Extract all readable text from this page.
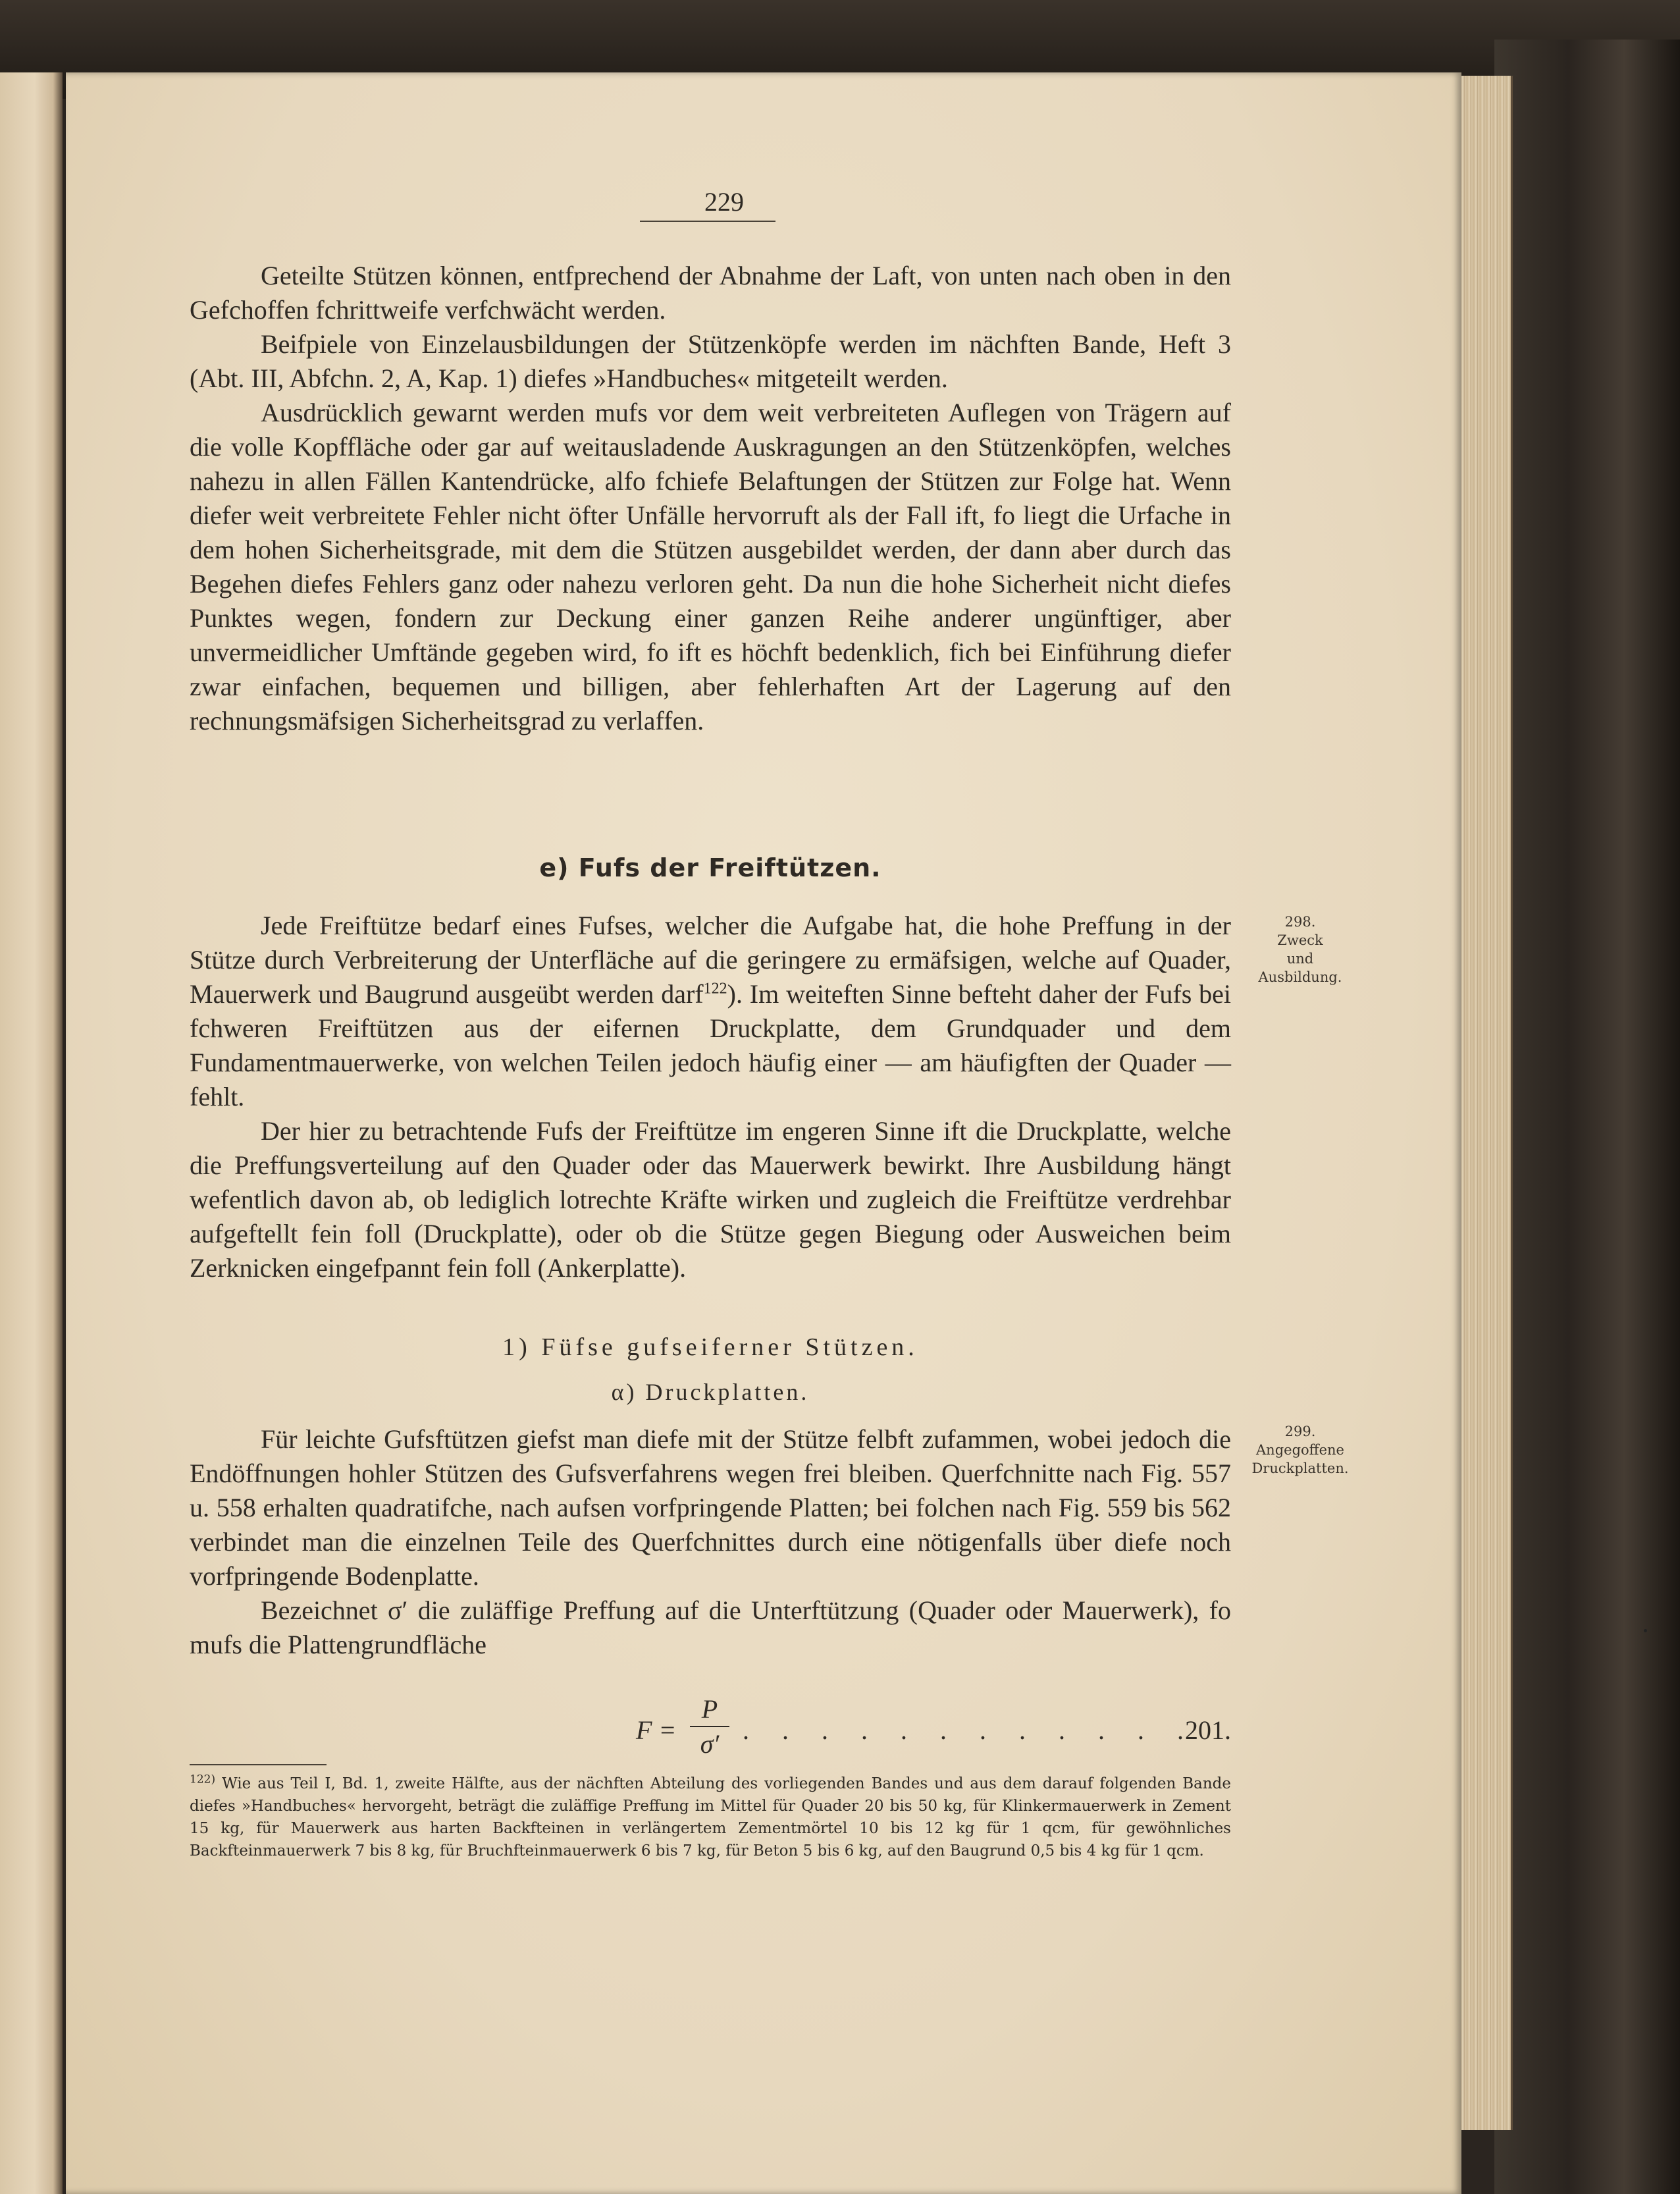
229

Geteilte Stützen können, entfprechend der Abnahme der Laft, von unten nach oben in den Gefchoffen fchrittweife verfchwächt werden.

Beifpiele von Einzelausbildungen der Stützenköpfe werden im nächften Bande, Heft 3 (Abt. III, Abfchn. 2, A, Kap. 1) diefes »Handbuches« mitgeteilt werden.

Ausdrücklich gewarnt werden mufs vor dem weit verbreiteten Auflegen von Trägern auf die volle Kopffläche oder gar auf weitausladende Auskragungen an den Stützenköpfen, welches nahezu in allen Fällen Kantendrücke, alfo fchiefe Belaftungen der Stützen zur Folge hat. Wenn diefer weit verbreitete Fehler nicht öfter Unfälle hervorruft als der Fall ift, fo liegt die Urfache in dem hohen Sicherheitsgrade, mit dem die Stützen ausgebildet werden, der dann aber durch das Begehen diefes Fehlers ganz oder nahezu verloren geht. Da nun die hohe Sicherheit nicht diefes Punktes wegen, fondern zur Deckung einer ganzen Reihe anderer ungünftiger, aber unvermeidlicher Umftände gegeben wird, fo ift es höchft bedenklich, fich bei Einführung diefer zwar einfachen, bequemen und billigen, aber fehlerhaften Art der Lagerung auf den rechnungsmäfsigen Sicherheitsgrad zu verlaffen.

e) Fufs der Freiftützen.

Jede Freiftütze bedarf eines Fufses, welcher die Aufgabe hat, die hohe Preffung in der Stütze durch Verbreiterung der Unterfläche auf die geringere zu ermäfsigen, welche auf Quader, Mauerwerk und Baugrund ausgeübt werden darf$^{122}$). Im weiteften Sinne befteht daher der Fufs bei fchweren Freiftützen aus der eifernen Druckplatte, dem Grundquader und dem Fundamentmauerwerke, von welchen Teilen jedoch häufig einer — am häufigften der Quader — fehlt.

Der hier zu betrachtende Fufs der Freiftütze im engeren Sinne ift die Druckplatte, welche die Preffungsverteilung auf den Quader oder das Mauerwerk bewirkt. Ihre Ausbildung hängt wefentlich davon ab, ob lediglich lotrechte Kräfte wirken und zugleich die Freiftütze verdrehbar aufgeftellt fein foll (Druckplatte), oder ob die Stütze gegen Biegung oder Ausweichen beim Zerknicken eingefpannt fein foll (Ankerplatte).

1) Füfse gufseiferner Stützen.
α) Druckplatten.

Für leichte Gufsftützen giefst man diefe mit der Stütze felbft zufammen, wobei jedoch die Endöffnungen hohler Stützen des Gufsverfahrens wegen frei bleiben. Querfchnitte nach Fig. 557 u. 558 erhalten quadratifche, nach aufsen vorfpringende Platten; bei folchen nach Fig. 559 bis 562 verbindet man die einzelnen Teile des Querfchnittes durch eine nötigenfalls über diefe noch vorfpringende Bodenplatte.

Bezeichnet σ′ die zuläffige Preffung auf die Unterftützung (Quader oder Mauerwerk), fo mufs die Plattengrundfläche

F =
P
σ′ . . . . . . . . . . . .
201.
298.
Zweck
und
Ausbildung.
299.
Angegoffene
Druckplatten.
$^{122)}$ Wie aus Teil I, Bd. 1, zweite Hälfte, aus der nächften Abteilung des vorliegenden Bandes und aus dem darauf folgenden Bande diefes »Handbuches« hervorgeht, beträgt die zuläffige Preffung im Mittel für Quader 20 bis 50 kg, für Klinkermauerwerk in Zement 15 kg, für Mauerwerk aus harten Backfteinen in verlängertem Zementmörtel 10 bis 12 kg für 1 qcm, für gewöhnliches Backfteinmauerwerk 7 bis 8 kg, für Bruchfteinmauerwerk 6 bis 7 kg, für Beton 5 bis 6 kg, auf den Baugrund 0,5 bis 4 kg für 1 qcm.
